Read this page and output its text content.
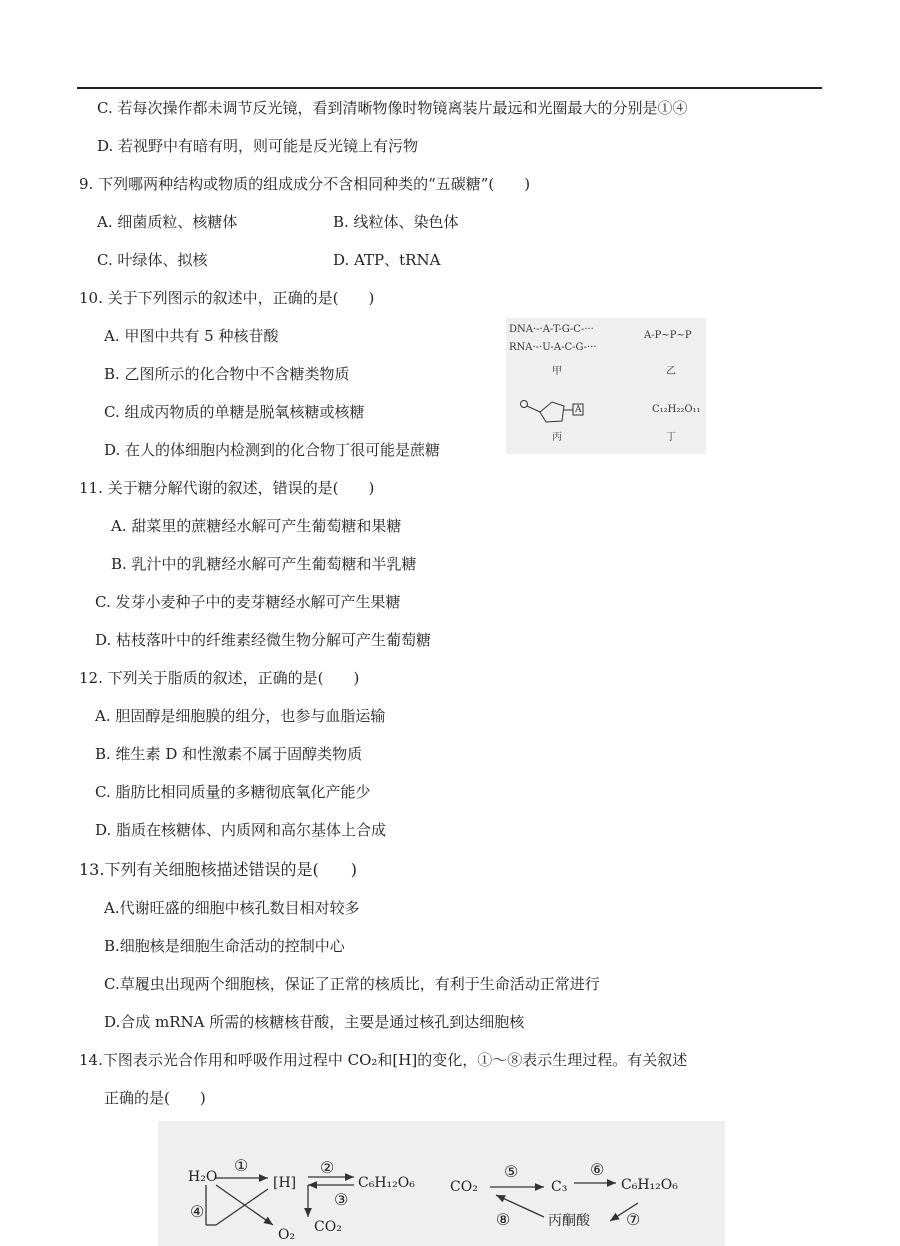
C. 若每次操作都未调节反光镜，看到清晰物像时物镜离装片最远和光圈最大的分别是①④
D. 若视野中有暗有明，则可能是反光镜上有污物
9. 下列哪两种结构或物质的组成成分不含相同种类的“五碳糖”(　　)
A. 细菌质粒、核糖体	B. 线粒体、染色体
C. 叶绿体、拟核	D. ATP、tRNA
10. 关于下列图示的叙述中，正确的是(　　)
A. 甲图中共有 5 种核苷酸
B. 乙图所示的化合物中不含糖类物质
C. 组成丙物质的单糖是脱氧核糖或核糖
D. 在人的体细胞内检测到的化合物丁很可能是蔗糖
DNA·-·A-T-G-C-···
RNA·-·U-A-C-G-···
A-P~P~P
甲	乙
A	C₁₂H₂₂O₁₁
丙	丁
11. 关于糖分解代谢的叙述，错误的是(　　)
A. 甜菜里的蔗糖经水解可产生葡萄糖和果糖
B. 乳汁中的乳糖经水解可产生葡萄糖和半乳糖
C. 发芽小麦种子中的麦芽糖经水解可产生果糖
D. 枯枝落叶中的纤维素经微生物分解可产生葡萄糖
12. 下列关于脂质的叙述，正确的是(　　)
A. 胆固醇是细胞膜的组分，也参与血脂运输
B. 维生素 D 和性激素不属于固醇类物质
C. 脂肪比相同质量的多糖彻底氧化产能少
D. 脂质在核糖体、内质网和高尔基体上合成
13.下列有关细胞核描述错误的是(　　)
A.代谢旺盛的细胞中核孔数目相对较多
B.细胞核是细胞生命活动的控制中心
C.草履虫出现两个细胞核，保证了正常的核质比，有利于生命活动正常进行
D.合成 mRNA 所需的核糖核苷酸，主要是通过核孔到达细胞核
14.下图表示光合作用和呼吸作用过程中 CO₂和[H]的变化，①～⑧表示生理过程。有关叙述
正确的是(　　)
H₂O	[H]	C₆H₁₂O₆
O₂ CO₂
①	②
③
④
CO₂	C₃	C₆H₁₂O₆
丙酮酸
⑤	⑥
⑦
⑧
